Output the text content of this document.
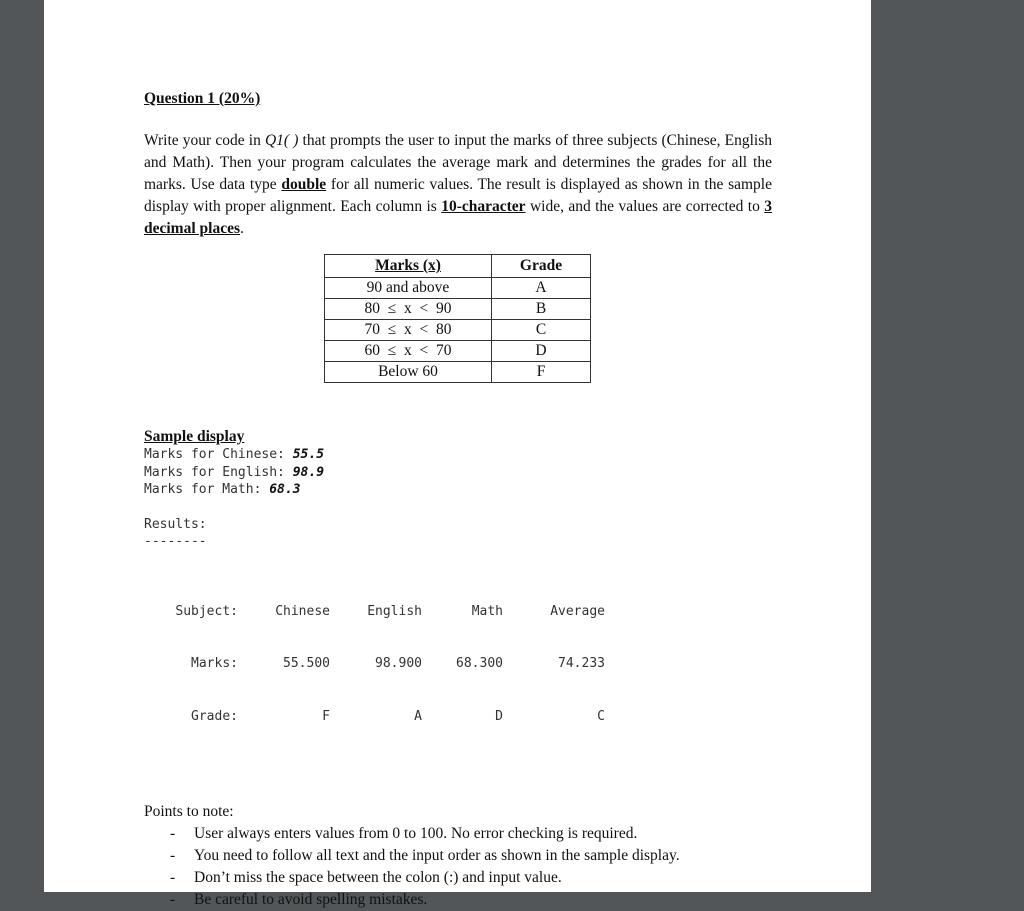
Question 1 (20%)

Write your code in Q1( ) that prompts the user to input the marks of three subjects (Chinese, English and Math). Then your program calculates the average mark and determines the grades for all the marks. Use data type double for all numeric values. The result is displayed as shown in the sample display with proper alignment. Each column is 10-character wide, and the values are corrected to 3 decimal places.

Marks (x)	Grade
90 and above	A
80  ≤  x  <  90	B
70  ≤  x  <  80	C
60  ≤  x  <  70	D
Below 60	F
Sample display
Marks for Chinese: 55.5
Marks for English: 98.9
Marks for Math: 68.3
Results:
--------

Subject:	Chinese	English	Math	Average

Marks:	55.500	98.900	68.300	74.233

Grade:	F	A	D	C

Points to note:
- User always enters values from 0 to 100. No error checking is required.
- You need to follow all text and the input order as shown in the sample display.
- Don’t miss the space between the colon (:) and input value.
- Be careful to avoid spelling mistakes.
